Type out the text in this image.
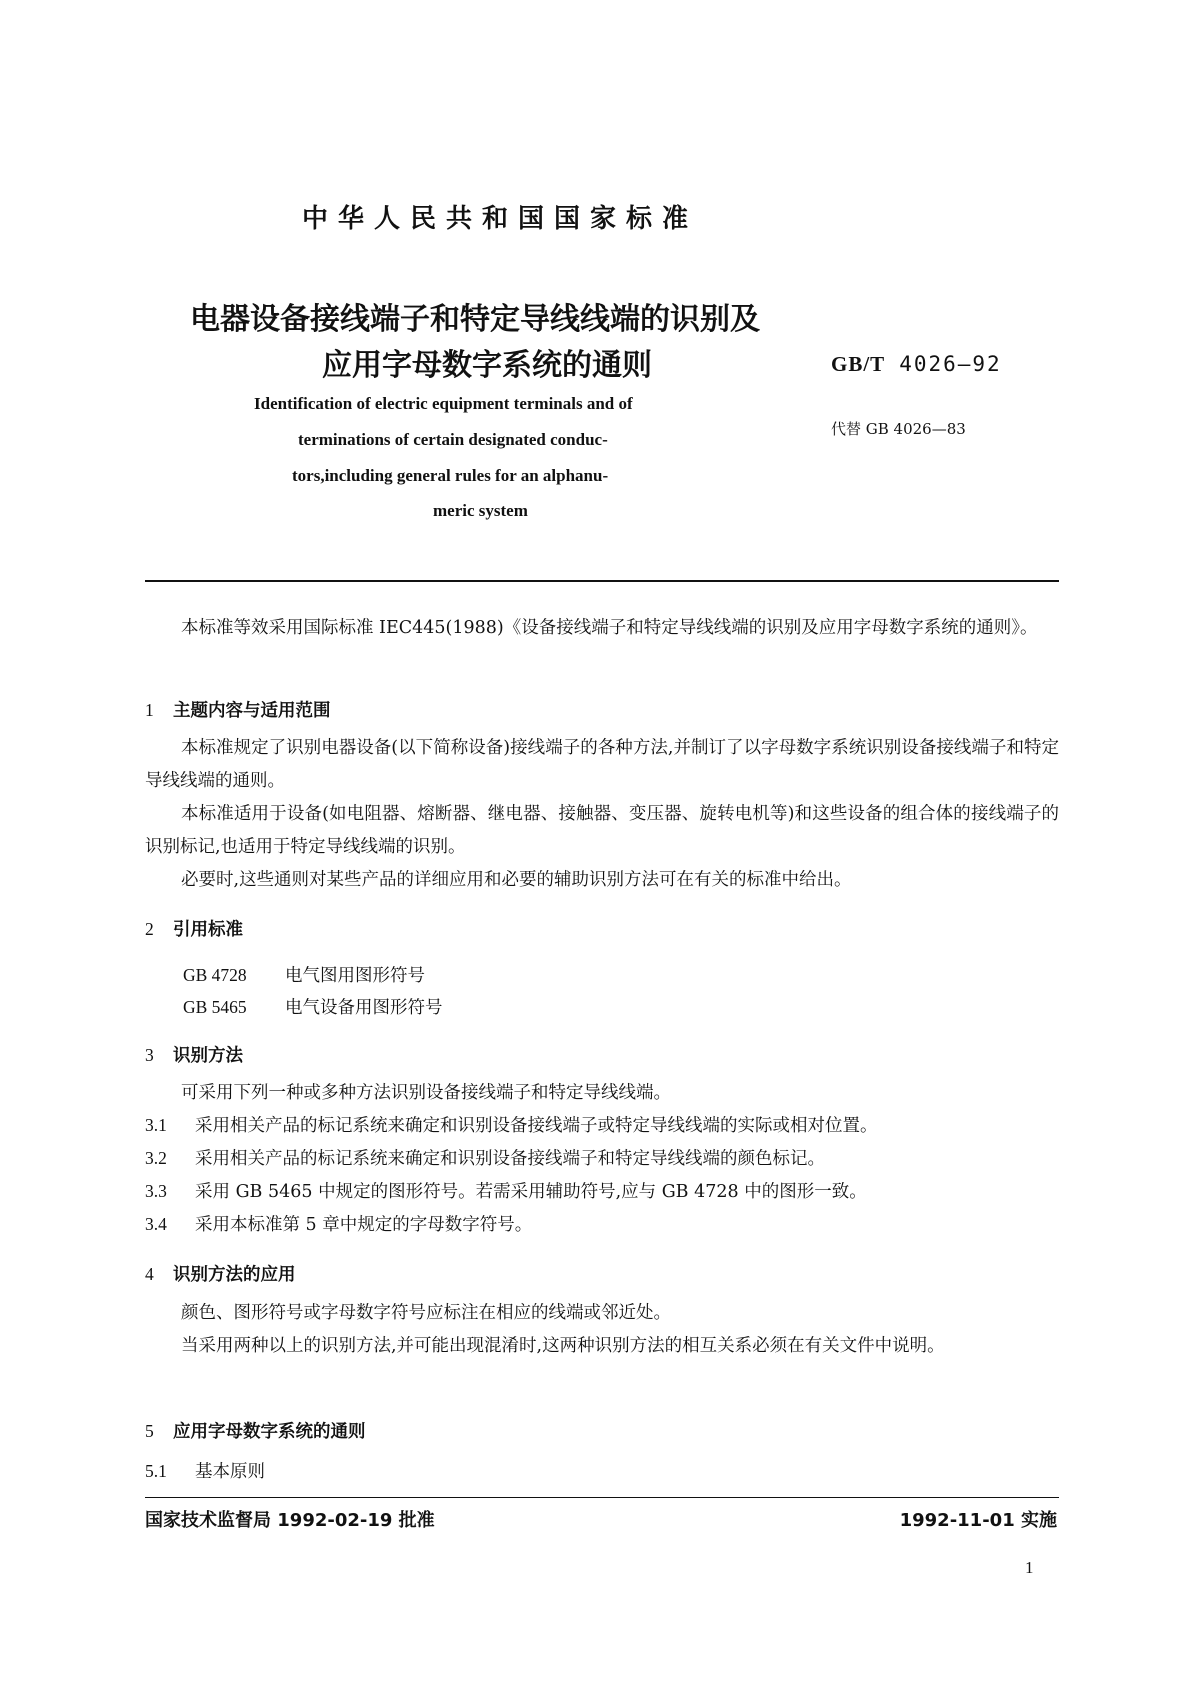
中华人民共和国国家标准
电器设备接线端子和特定导线线端的识别及
应用字母数字系统的通则
Identification of electric equipment terminals and of
terminations of certain designated conduc-
tors,including general rules for an alphanu-
meric system
GB/T 4026—92
代替 GB 4026—83
本标准等效采用国际标准 IEC445(1988)《设备接线端子和特定导线线端的识别及应用字母数字系统的通则》。
1 主题内容与适用范围
本标准规定了识别电器设备(以下简称设备)接线端子的各种方法,并制订了以字母数字系统识别设备接线端子和特定导线线端的通则。
本标准适用于设备(如电阻器、熔断器、继电器、接触器、变压器、旋转电机等)和这些设备的组合体的接线端子的识别标记,也适用于特定导线线端的识别。
必要时,这些通则对某些产品的详细应用和必要的辅助识别方法可在有关的标准中给出。
2 引用标准
GB 4728 电气图用图形符号
GB 5465 电气设备用图形符号
3 识别方法
可采用下列一种或多种方法识别设备接线端子和特定导线线端。
3.1 采用相关产品的标记系统来确定和识别设备接线端子或特定导线线端的实际或相对位置。
3.2 采用相关产品的标记系统来确定和识别设备接线端子和特定导线线端的颜色标记。
3.3 采用 GB 5465 中规定的图形符号。若需采用辅助符号,应与 GB 4728 中的图形一致。
3.4 采用本标准第 5 章中规定的字母数字符号。
4 识别方法的应用
颜色、图形符号或字母数字符号应标注在相应的线端或邻近处。
当采用两种以上的识别方法,并可能出现混淆时,这两种识别方法的相互关系必须在有关文件中说明。
5 应用字母数字系统的通则
5.1 基本原则
国家技术监督局 1992-02-19 批准	1992-11-01 实施
1
